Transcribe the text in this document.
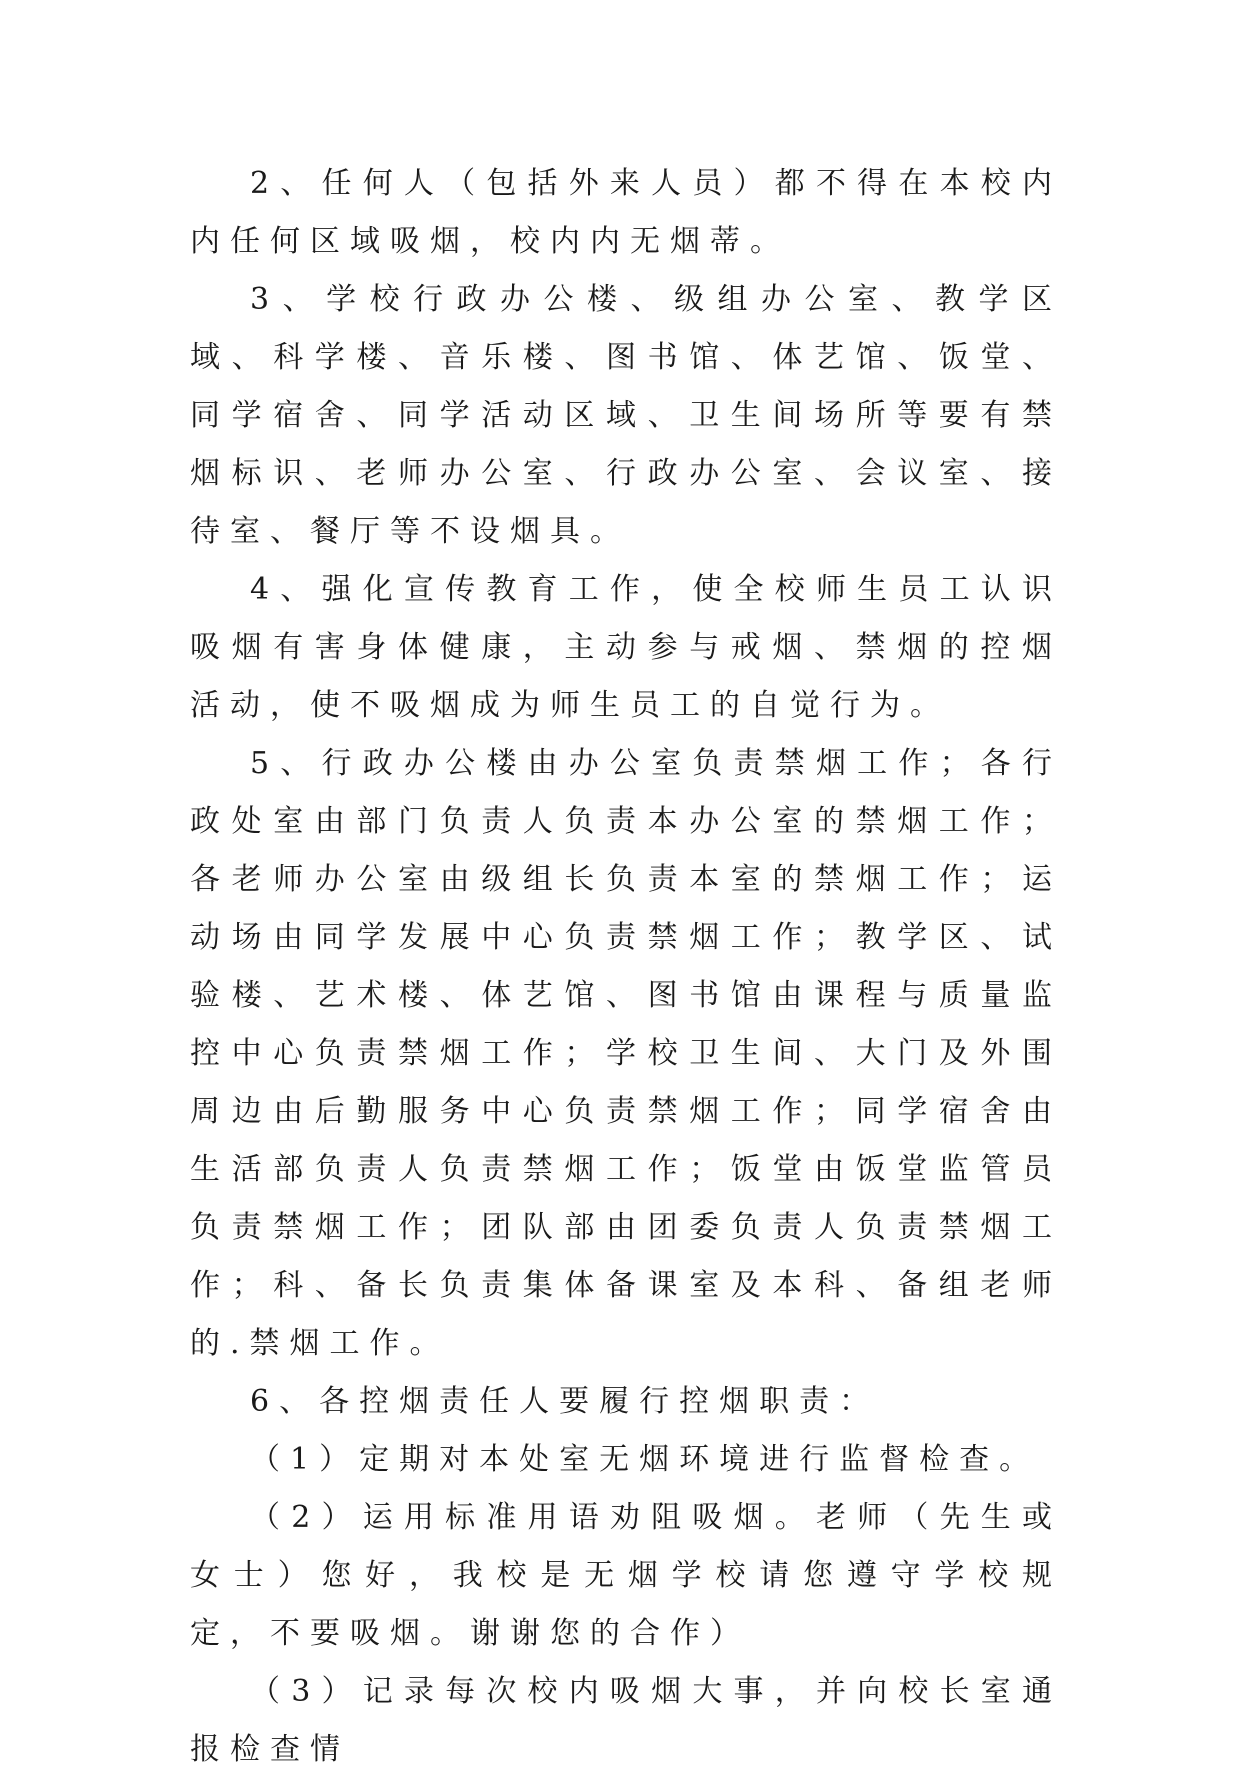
2、任何人（包括外来人员）都不得在本校内内任何区域吸烟，校内内无烟蒂。

3、学校行政办公楼、级组办公室、教学区域、科学楼、音乐楼、图书馆、体艺馆、饭堂、同学宿舍、同学活动区域、卫生间场所等要有禁烟标识、老师办公室、行政办公室、会议室、接待室、餐厅等不设烟具。

4、强化宣传教育工作，使全校师生员工认识吸烟有害身体健康，主动参与戒烟、禁烟的控烟活动，使不吸烟成为师生员工的自觉行为。

5、行政办公楼由办公室负责禁烟工作；各行政处室由部门负责人负责本办公室的禁烟工作；各老师办公室由级组长负责本室的禁烟工作；运动场由同学发展中心负责禁烟工作；教学区、试验楼、艺术楼、体艺馆、图书馆由课程与质量监控中心负责禁烟工作；学校卫生间、大门及外围周边由后勤服务中心负责禁烟工作；同学宿舍由生活部负责人负责禁烟工作；饭堂由饭堂监管员负责禁烟工作；团队部由团委负责人负责禁烟工作；科、备长负责集体备课室及本科、备组老师的.禁烟工作。

6、各控烟责任人要履行控烟职责：

（1）定期对本处室无烟环境进行监督检查。

（2）运用标准用语劝阻吸烟。老师（先生或女士）您好，我校是无烟学校请您遵守学校规定，不要吸烟。谢谢您的合作）

（3）记录每次校内吸烟大事，并向校长室通报检查情
